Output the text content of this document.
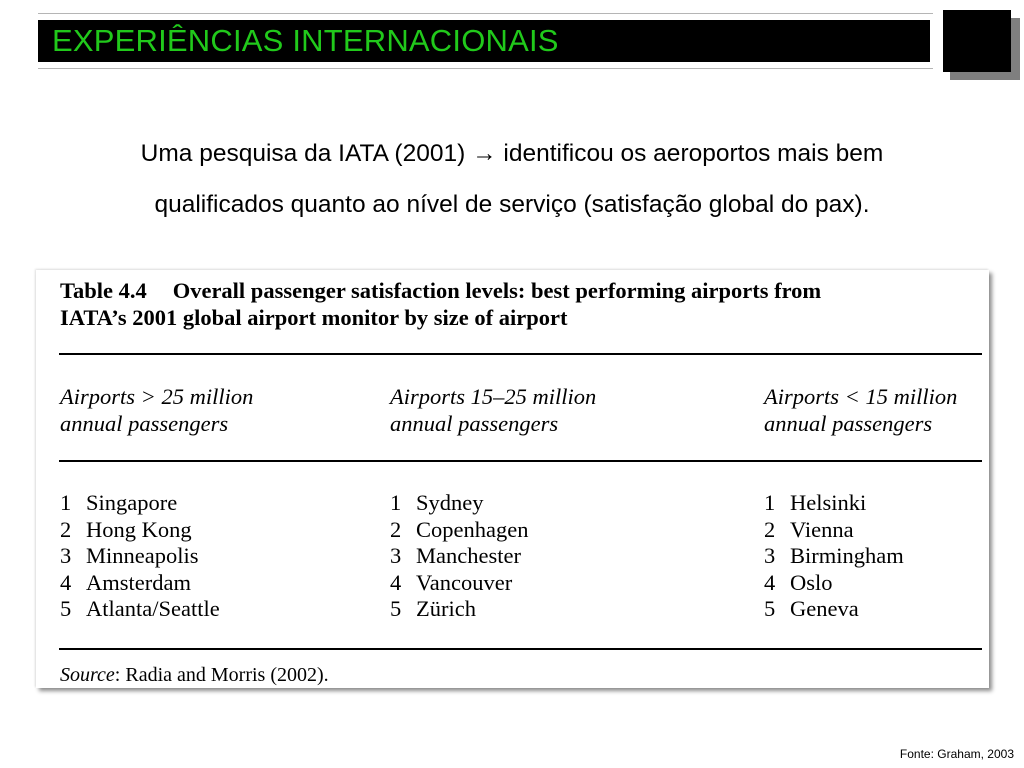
EXPERIÊNCIAS INTERNACIONAIS

Uma pesquisa da IATA (2001) → identificou os aeroportos mais bem

qualificados quanto ao nível de serviço (satisfação global do pax).

Table 4.4 Overall passenger satisfaction levels: best performing airports from
IATA’s 2001 global airport monitor by size of airport
Airports > 25 million
annual passengers
Airports 15–25 million
annual passengers
Airports < 15 million
annual passengers
1 Singapore
2 Hong Kong
3 Minneapolis
4 Amsterdam
5 Atlanta/Seattle
1 Sydney
2 Copenhagen
3 Manchester
4 Vancouver
5 Zürich
1 Helsinki
2 Vienna
3 Birmingham
4 Oslo
5 Geneva
Source: Radia and Morris (2002).
Fonte: Graham, 2003
